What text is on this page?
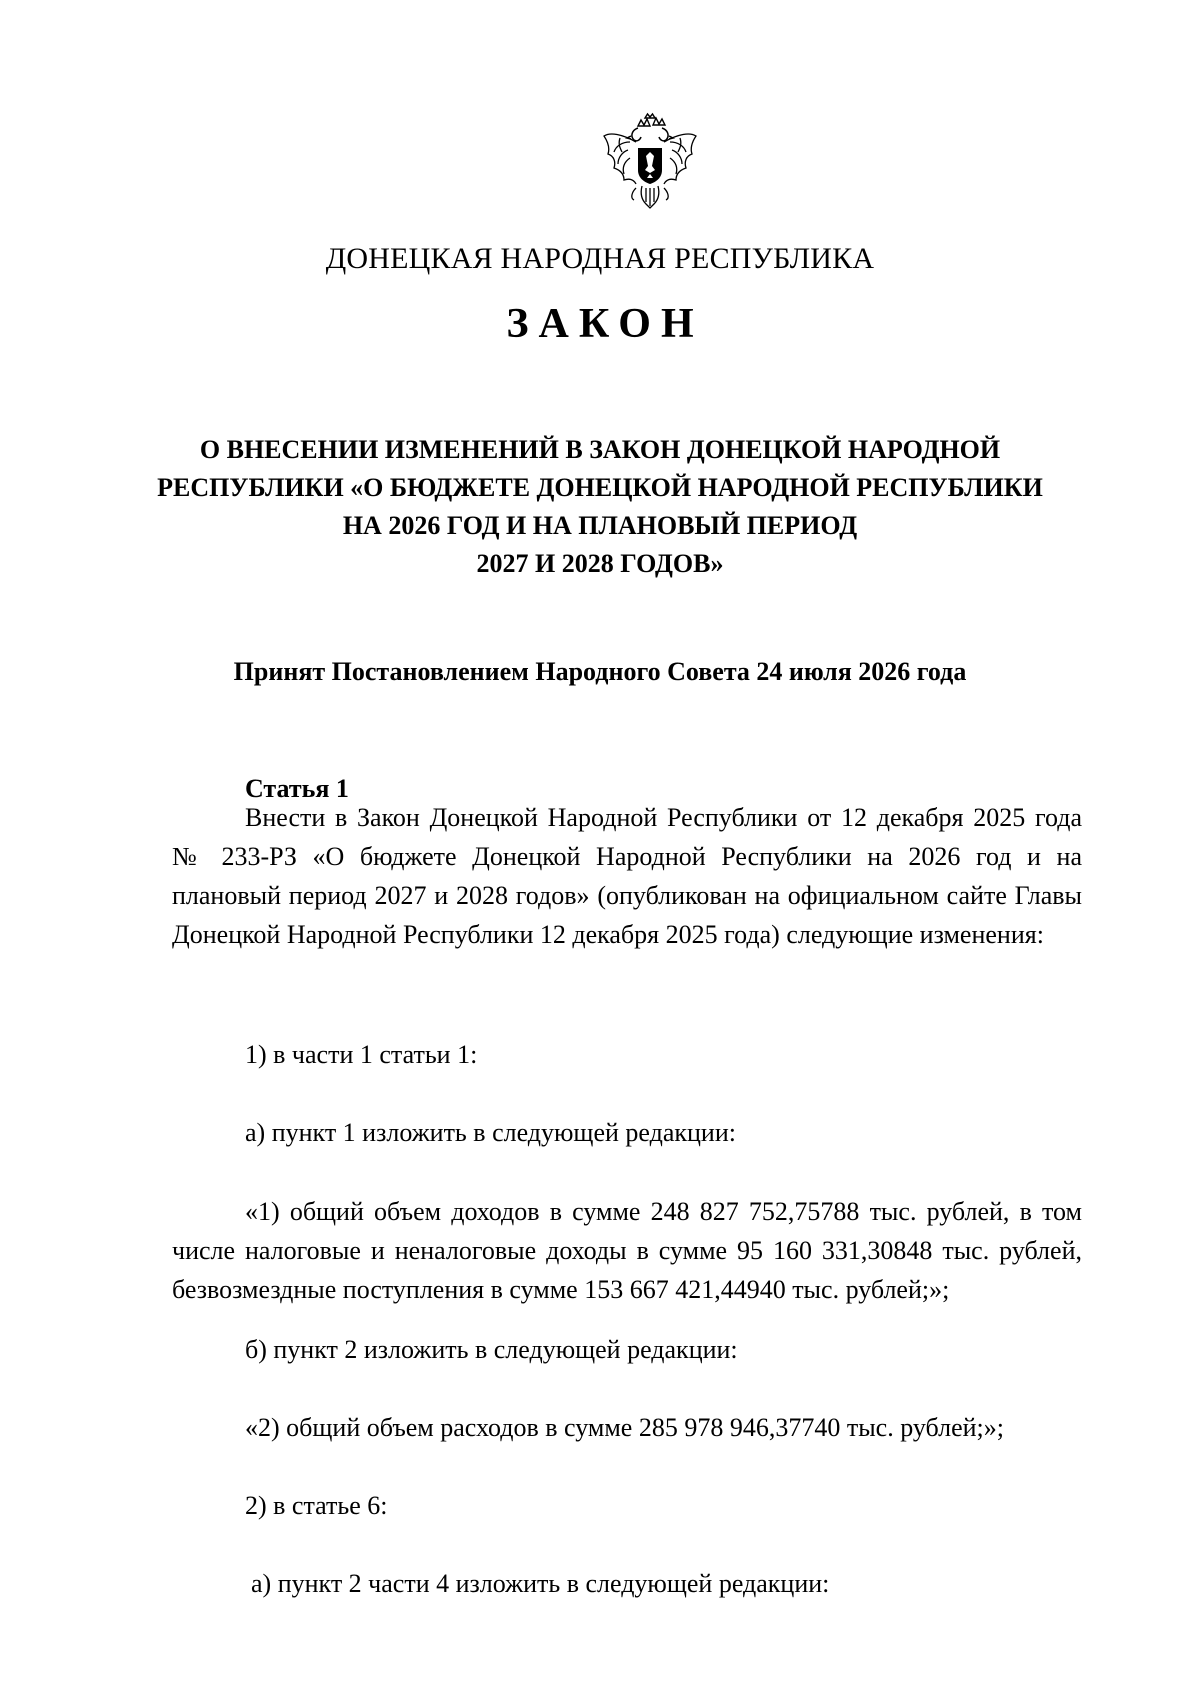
ДОНЕЦКАЯ НАРОДНАЯ РЕСПУБЛИКА
ЗАКОН
О ВНЕСЕНИИ ИЗМЕНЕНИЙ В ЗАКОН ДОНЕЦКОЙ НАРОДНОЙ
РЕСПУБЛИКИ «О БЮДЖЕТЕ ДОНЕЦКОЙ НАРОДНОЙ РЕСПУБЛИКИ
НА 2026 ГОД И НА ПЛАНОВЫЙ ПЕРИОД
2027 И 2028 ГОДОВ»
Принят Постановлением Народного Совета 24 июля 2026 года
Статья 1
Внести в Закон Донецкой Народной Республики от 12 декабря 2025 года
№ 233-РЗ «О бюджете Донецкой Народной Республики на 2026 год и на
плановый период 2027 и 2028 годов» (опубликован на официальном сайте Главы
Донецкой Народной Республики 12 декабря 2025 года) следующие изменения:
1) в части 1 статьи 1:
а) пункт 1 изложить в следующей редакции:
«1) общий объем доходов в сумме 248 827 752,75788 тыс. рублей, в том
числе налоговые и неналоговые доходы в сумме 95 160 331,30848 тыс. рублей,
безвозмездные поступления в сумме 153 667 421,44940 тыс. рублей;»;
б) пункт 2 изложить в следующей редакции:
«2) общий объем расходов в сумме 285 978 946,37740 тыс. рублей;»;
2) в статье 6:
а) пункт 2 части 4 изложить в следующей редакции:
